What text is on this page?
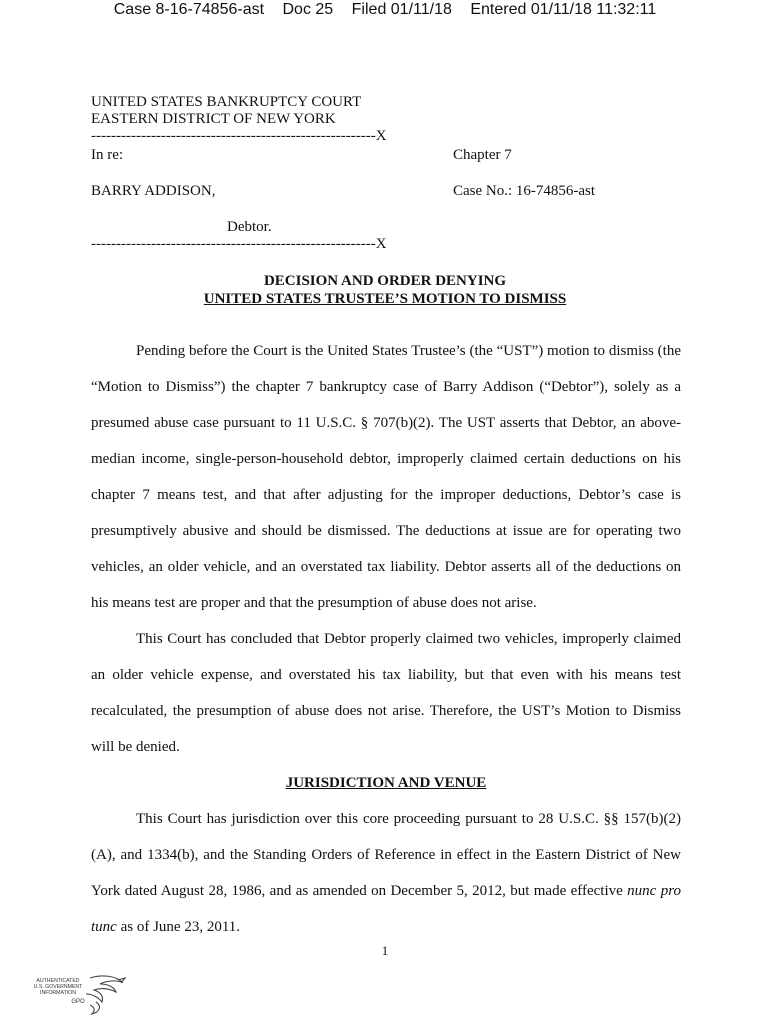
Case 8-16-74856-ast Doc 25 Filed 01/11/18 Entered 01/11/18 11:32:11
UNITED STATES BANKRUPTCY COURT
EASTERN DISTRICT OF NEW YORK
---------------------------------------------------------X
In re:	Chapter 7
BARRY ADDISON,	Case No.: 16-74856-ast
Debtor.
---------------------------------------------------------X
DECISION AND ORDER DENYING
UNITED STATES TRUSTEE’S MOTION TO DISMISS

Pending before the Court is the United States Trustee’s (the “UST”) motion to dismiss (the “Motion to Dismiss”) the chapter 7 bankruptcy case of Barry Addison (“Debtor”), solely as a presumed abuse case pursuant to 11 U.S.C. § 707(b)(2). The UST asserts that Debtor, an above-median income, single-person-household debtor, improperly claimed certain deductions on his chapter 7 means test, and that after adjusting for the improper deductions, Debtor’s case is presumptively abusive and should be dismissed. The deductions at issue are for operating two vehicles, an older vehicle, and an overstated tax liability. Debtor asserts all of the deductions on his means test are proper and that the presumption of abuse does not arise.

This Court has concluded that Debtor properly claimed two vehicles, improperly claimed an older vehicle expense, and overstated his tax liability, but that even with his means test recalculated, the presumption of abuse does not arise. Therefore, the UST’s Motion to Dismiss will be denied.

JURISDICTION AND VENUE

This Court has jurisdiction over this core proceeding pursuant to 28 U.S.C. §§ 157(b)(2)(A), and 1334(b), and the Standing Orders of Reference in effect in the Eastern District of New York dated August 28, 1986, and as amended on December 5, 2012, but made effective nunc pro tunc as of June 23, 2011.

1
AUTHENTICATED
U.S. GOVERNMENT
INFORMATION
GPO
